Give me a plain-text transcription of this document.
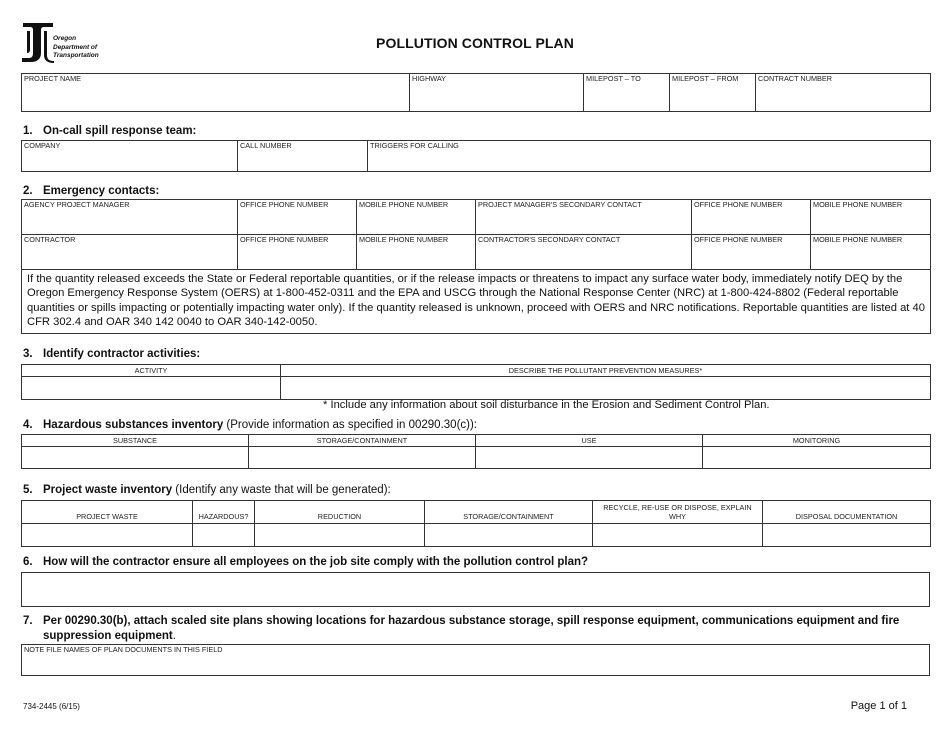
Oregon
Department of
Transportation
POLLUTION CONTROL PLAN
PROJECT NAME	HIGHWAY	MILEPOST – TO	MILEPOST – FROM	CONTRACT NUMBER
1. On-call spill response team:
COMPANY	CALL NUMBER	TRIGGERS FOR CALLING
2. Emergency contacts:
AGENCY PROJECT MANAGER	OFFICE PHONE NUMBER	MOBILE PHONE NUMBER	PROJECT MANAGER'S SECONDARY CONTACT	OFFICE PHONE NUMBER	MOBILE PHONE NUMBER
CONTRACTOR	OFFICE PHONE NUMBER	MOBILE PHONE NUMBER	CONTRACTOR'S SECONDARY CONTACT	OFFICE PHONE NUMBER	MOBILE PHONE NUMBER
If the quantity released exceeds the State or Federal reportable quantities, or if the release impacts or threatens to impact any surface water body, immediately notify DEQ by the Oregon Emergency Response System (OERS) at 1-800-452-0311 and the EPA and USCG through the National Response Center (NRC) at 1-800-424-8802 (Federal reportable quantities or spills impacting or potentially impacting water only). If the quantity released is unknown, proceed with OERS and NRC notifications. Reportable quantities are listed at 40 CFR 302.4 and OAR 340 142 0040 to OAR 340-142-0050.					
3. Identify contractor activities:
ACTIVITY	DESCRIBE THE POLLUTANT PREVENTION MEASURES*

* Include any information about soil disturbance in the Erosion and Sediment Control Plan.
4. Hazardous substances inventory (Provide information as specified in 00290.30(c)):
SUBSTANCE	STORAGE/CONTAINMENT	USE	MONITORING

5. Project waste inventory (Identify any waste that will be generated):
PROJECT WASTE	HAZARDOUS?	REDUCTION	STORAGE/CONTAINMENT	RECYCLE, RE-USE OR DISPOSE, EXPLAIN WHY	DISPOSAL DOCUMENTATION

6. How will the contractor ensure all employees on the job site comply with the pollution control plan?
7. Per 00290.30(b), attach scaled site plans showing locations for hazardous substance storage, spill response equipment, communications equipment and fire suppression equipment.
NOTE FILE NAMES OF PLAN DOCUMENTS IN THIS FIELD
734-2445 (6/15)	Page 1 of 1
